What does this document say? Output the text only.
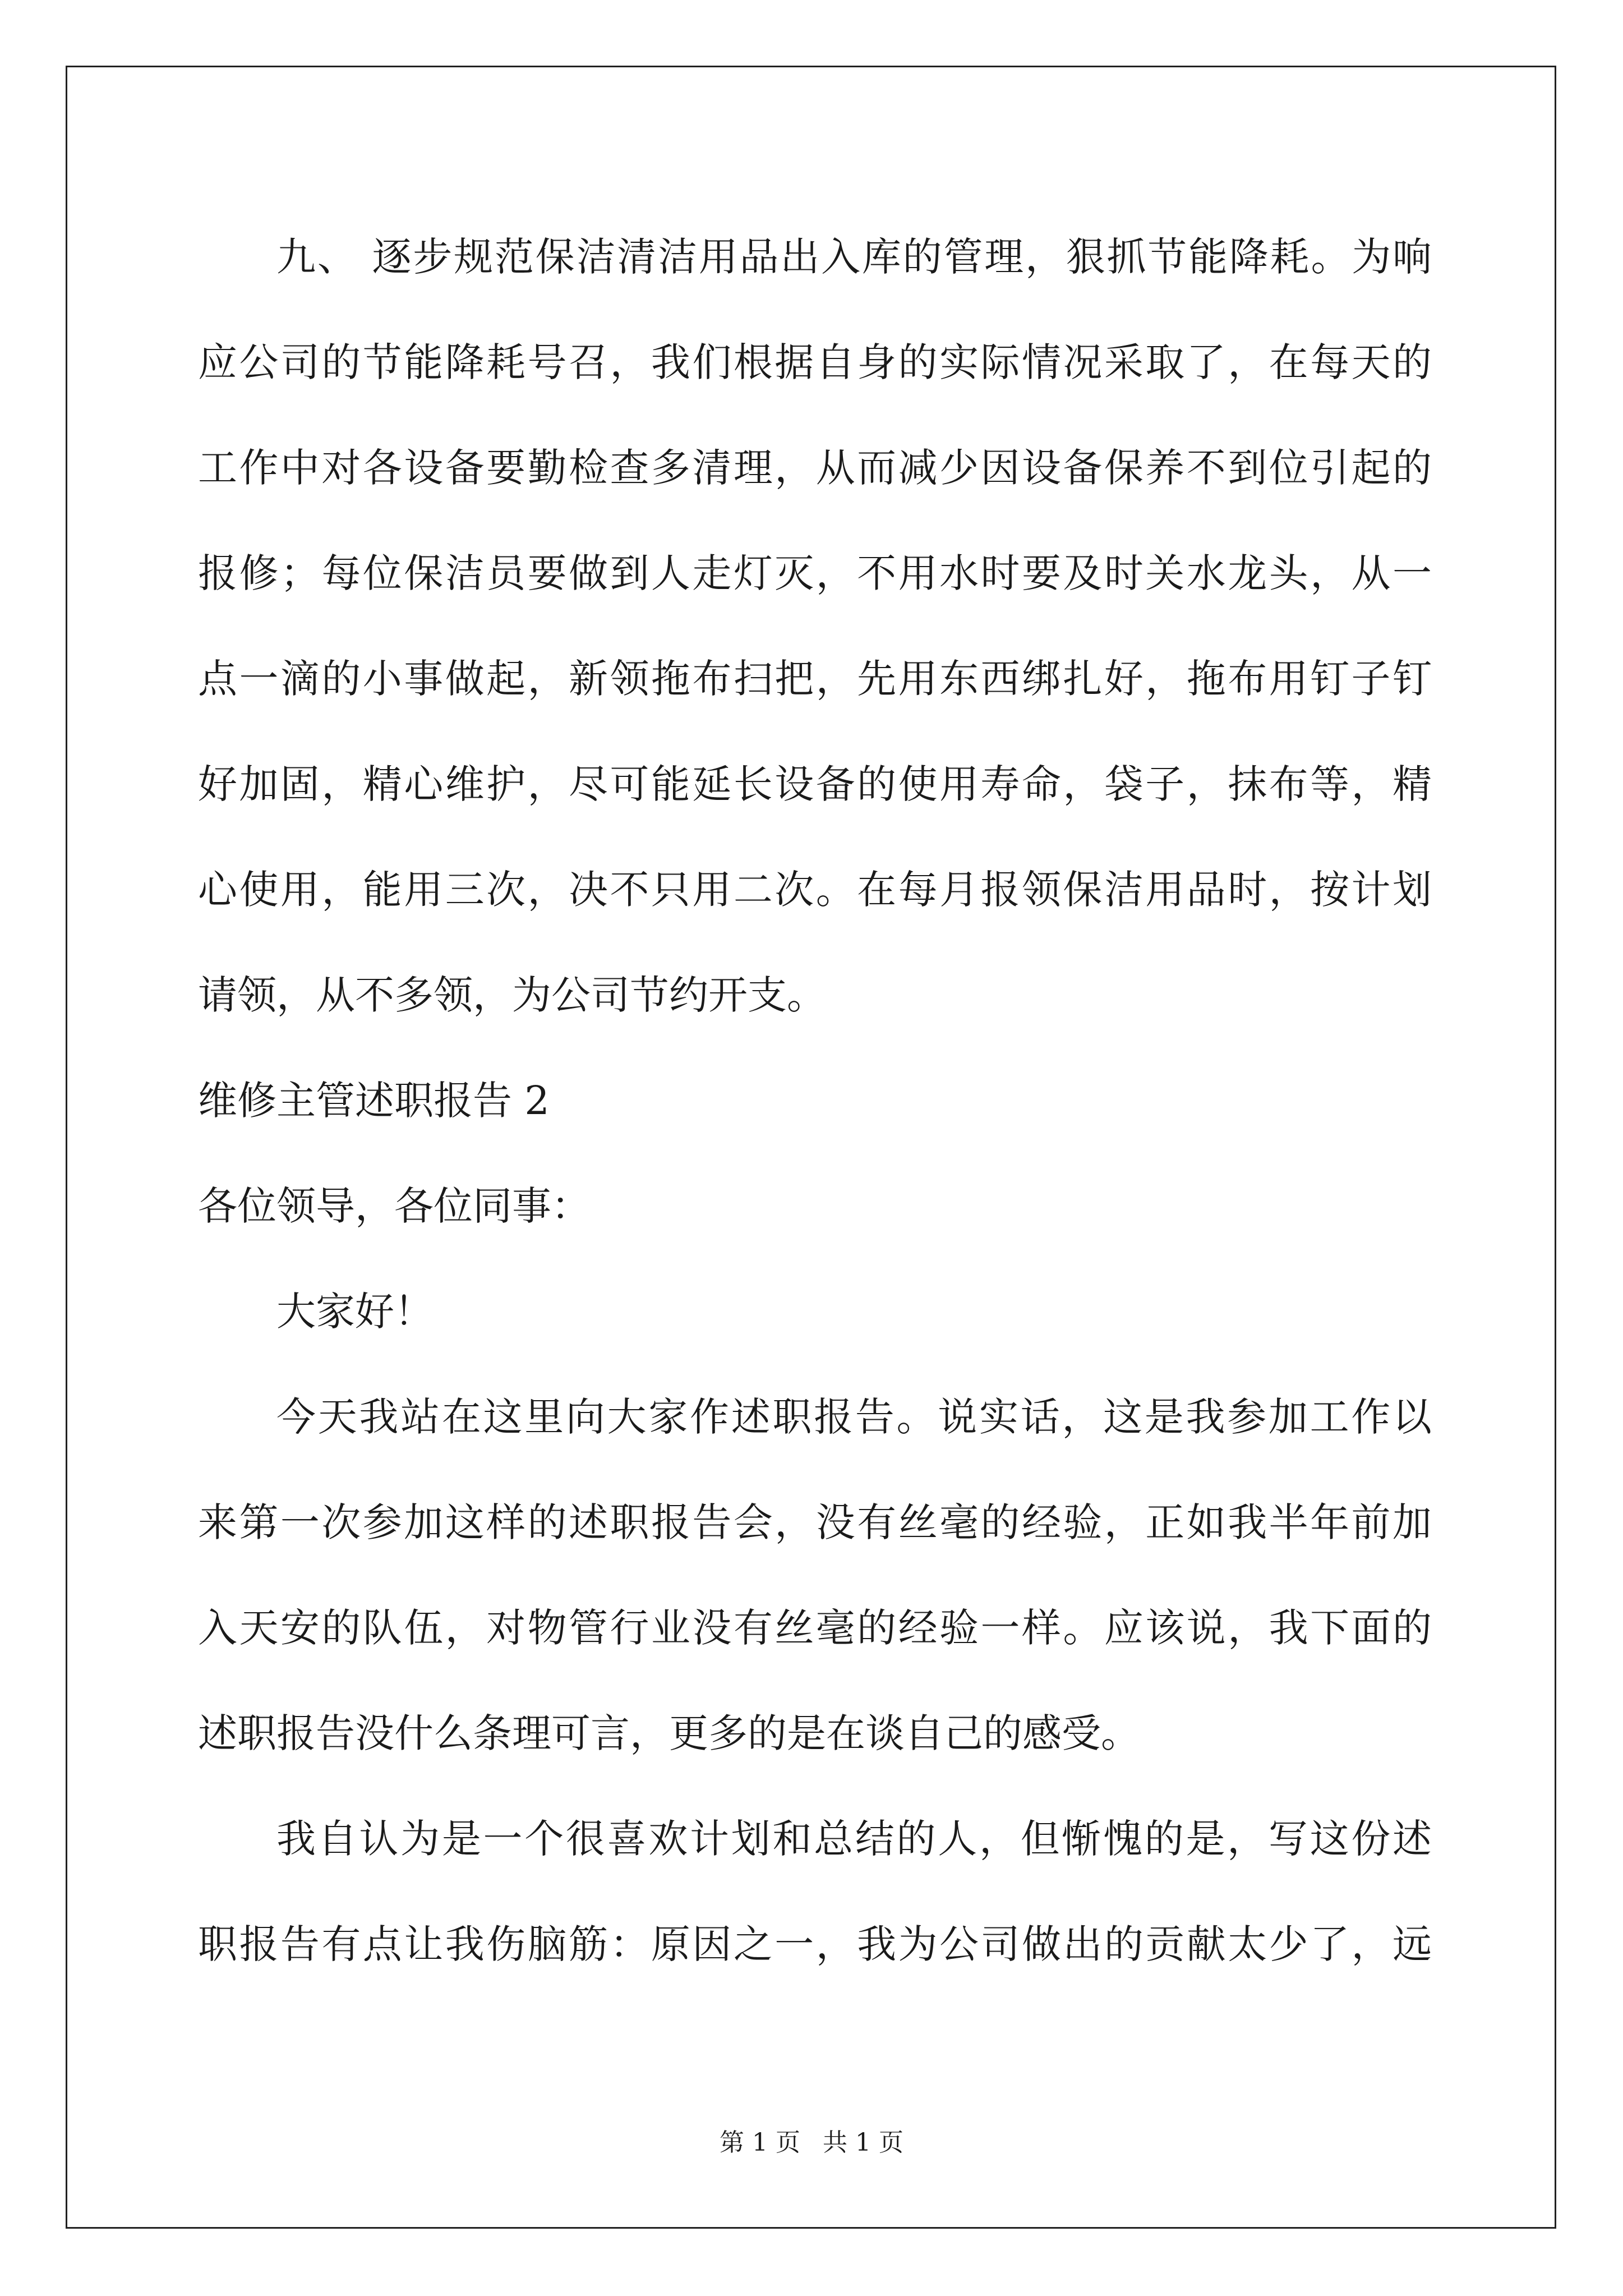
九、 逐步规范保洁清洁用品出入库的管理，狠抓节能降耗。为响
应公司的节能降耗号召，我们根据自身的实际情况采取了，在每天的
工作中对各设备要勤检查多清理，从而减少因设备保养不到位引起的
报修；每位保洁员要做到人走灯灭，不用水时要及时关水龙头，从一
点一滴的小事做起，新领拖布扫把，先用东西绑扎好，拖布用钉子钉
好加固，精心维护，尽可能延长设备的使用寿命，袋子，抹布等，精
心使用，能用三次，决不只用二次。在每月报领保洁用品时，按计划
请领，从不多领，为公司节约开支。
维修主管述职报告 2
各位领导，各位同事：
大家好！
今天我站在这里向大家作述职报告。说实话，这是我参加工作以
来第一次参加这样的述职报告会，没有丝毫的经验，正如我半年前加
入天安的队伍，对物管行业没有丝毫的经验一样。应该说，我下面的
述职报告没什么条理可言，更多的是在谈自己的感受。
我自认为是一个很喜欢计划和总结的人，但惭愧的是，写这份述
职报告有点让我伤脑筋：原因之一，我为公司做出的贡献太少了，远
第 1 页 共 1 页
